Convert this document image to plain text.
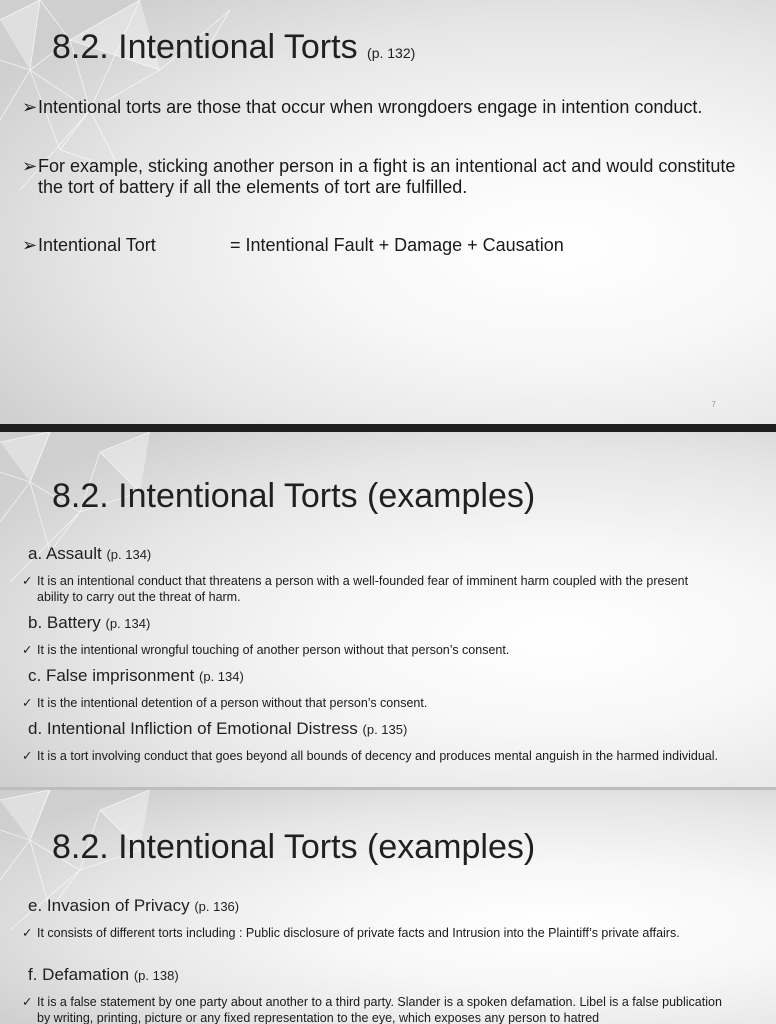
8.2. Intentional Torts (p. 132)
➢ Intentional torts are those that occur when wrongdoers engage in intention conduct.
➢ For example, sticking another person in a fight is an intentional act and would constitute the tort of battery if all the elements of tort are fulfilled.
➢ Intentional Tort	= Intentional Fault + Damage + Causation
7
8.2. Intentional Torts (examples)
a. Assault (p. 134)
✓ It is an intentional conduct that threatens a person with a well-founded fear of imminent harm coupled with the present ability to carry out the threat of harm.
b. Battery (p. 134)
✓ It is the intentional wrongful touching of another person without that person’s consent.
c. False imprisonment (p. 134)
✓ It is the intentional detention of a person without that person’s consent.
d. Intentional Infliction of Emotional Distress (p. 135)
✓ It is a tort involving conduct that goes beyond all bounds of decency and produces mental anguish in the harmed individual.
8.2. Intentional Torts (examples)
e. Invasion of Privacy (p. 136)
✓ It consists of different torts including : Public disclosure of private facts and Intrusion into the Plaintiff’s private affairs.
f. Defamation (p. 138)
✓ It is a false statement by one party about another to a third party. Slander is a spoken defamation. Libel is a false publication by writing, printing, picture or any fixed representation to the eye, which exposes any person to hatred
